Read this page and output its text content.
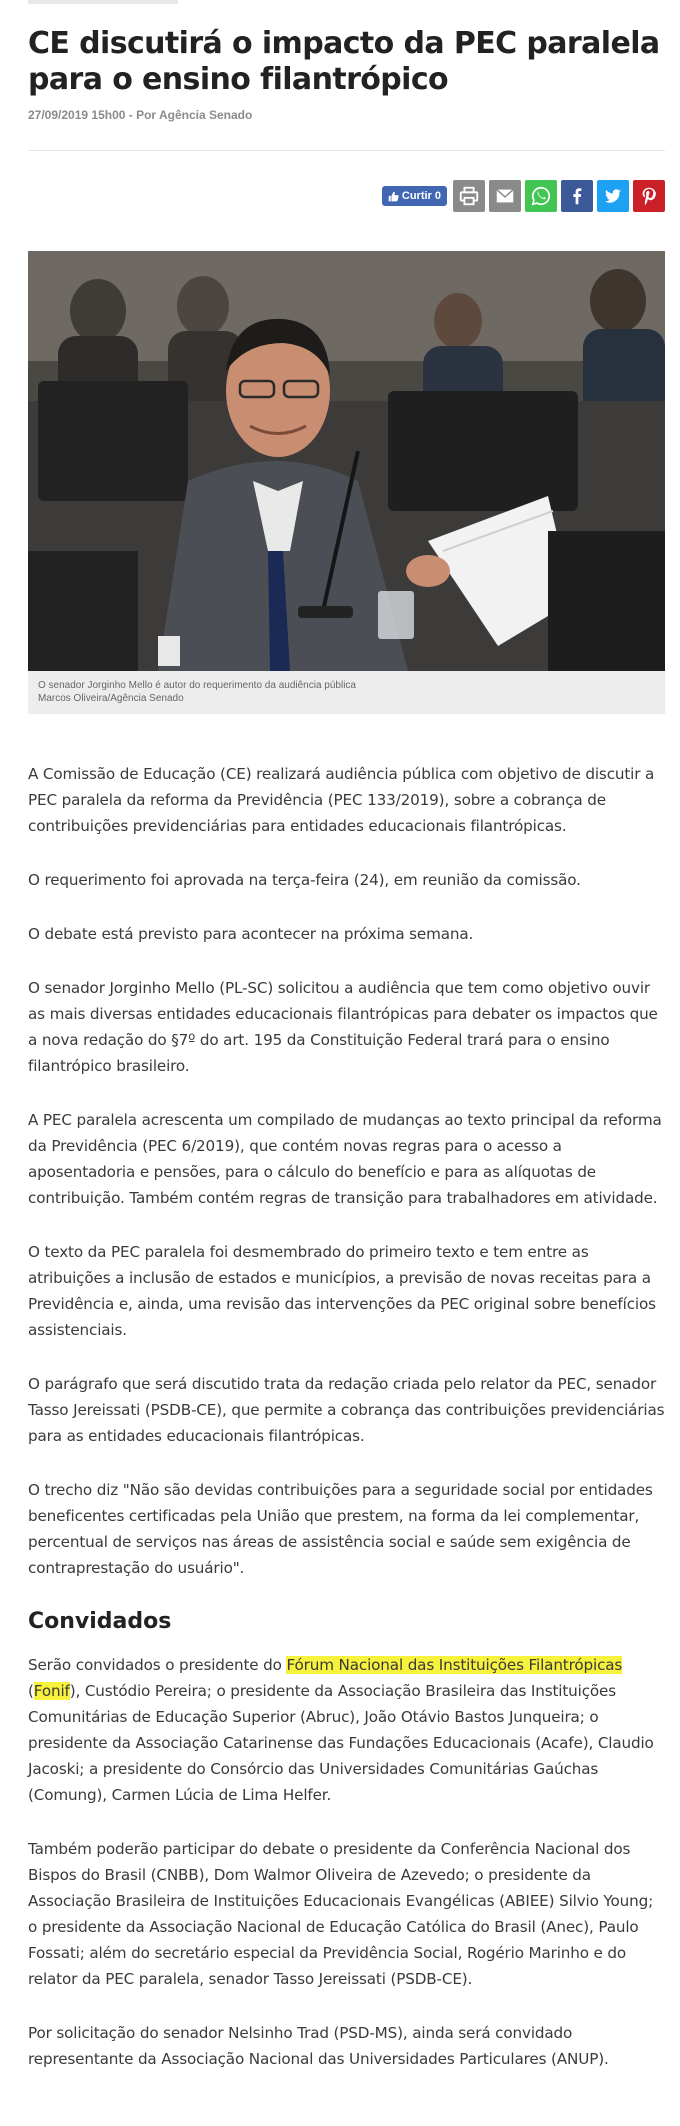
CE discutirá o impacto da PEC paralela para o ensino filantrópico
27/09/2019 15h00 - Por Agência Senado
Curtir 0
O senador Jorginho Mello é autor do requerimento da audiência pública
Marcos Oliveira/Agência Senado

A Comissão de Educação (CE) realizará audiência pública com objetivo de discutir a PEC paralela da reforma da Previdência (PEC 133/2019), sobre a cobrança de contribuições previdenciárias para entidades educacionais filantrópicas.

O requerimento foi aprovada na terça-feira (24), em reunião da comissão.

O debate está previsto para acontecer na próxima semana.

O senador Jorginho Mello (PL-SC) solicitou a audiência que tem como objetivo ouvir as mais diversas entidades educacionais filantrópicas para debater os impactos que a nova redação do §7º do art. 195 da Constituição Federal trará para o ensino filantrópico brasileiro.

A PEC paralela acrescenta um compilado de mudanças ao texto principal da reforma da Previdência (PEC 6/2019), que contém novas regras para o acesso a aposentadoria e pensões, para o cálculo do benefício e para as alíquotas de contribuição. Também contém regras de transição para trabalhadores em atividade.

O texto da PEC paralela foi desmembrado do primeiro texto e tem entre as atribuições a inclusão de estados e municípios, a previsão de novas receitas para a Previdência e, ainda, uma revisão das intervenções da PEC original sobre benefícios assistenciais.

O parágrafo que será discutido trata da redação criada pelo relator da PEC, senador Tasso Jereissati (PSDB-CE), que permite a cobrança das contribuições previdenciárias para as entidades educacionais filantrópicas.

O trecho diz "Não são devidas contribuições para a seguridade social por entidades beneficentes certificadas pela União que prestem, na forma da lei complementar, percentual de serviços nas áreas de assistência social e saúde sem exigência de contraprestação do usuário".

Convidados

Serão convidados o presidente do Fórum Nacional das Instituições Filantrópicas (Fonif), Custódio Pereira; o presidente da Associação Brasileira das Instituições Comunitárias de Educação Superior (Abruc), João Otávio Bastos Junqueira; o presidente da Associação Catarinense das Fundações Educacionais (Acafe), Claudio Jacoski; a presidente do Consórcio das Universidades Comunitárias Gaúchas (Comung), Carmen Lúcia de Lima Helfer.

Também poderão participar do debate o presidente da Conferência Nacional dos Bispos do Brasil (CNBB), Dom Walmor Oliveira de Azevedo; o presidente da Associação Brasileira de Instituições Educacionais Evangélicas (ABIEE) Silvio Young; o presidente da Associação Nacional de Educação Católica do Brasil (Anec), Paulo Fossati; além do secretário especial da Previdência Social, Rogério Marinho e do relator da PEC paralela, senador Tasso Jereissati (PSDB-CE).

Por solicitação do senador Nelsinho Trad (PSD-MS), ainda será convidado representante da Associação Nacional das Universidades Particulares (ANUP).
